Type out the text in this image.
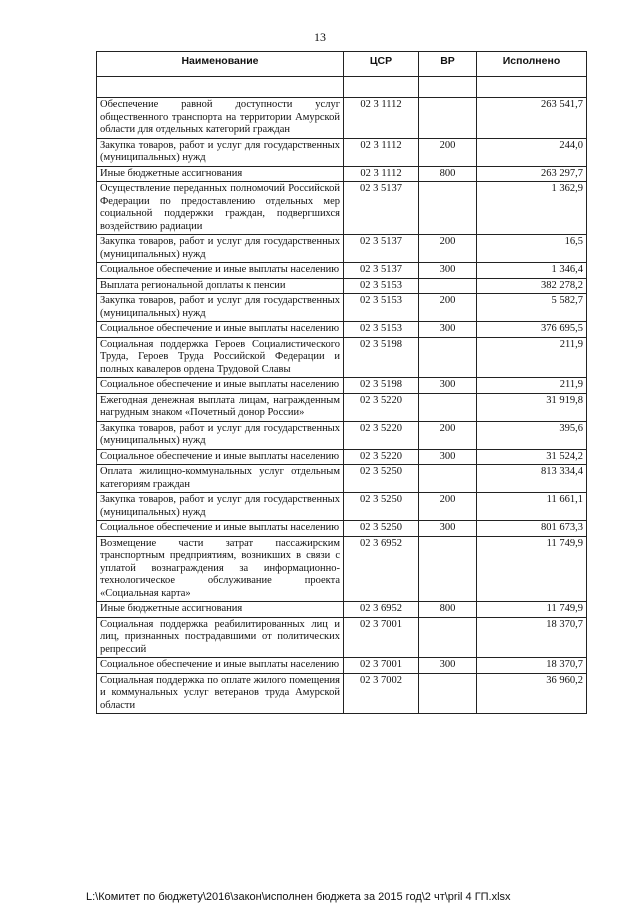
13
Наименование	ЦСР	ВР	Исполнено

Обеспечение равной доступности услуг общественного транспорта на территории Амурской области для отдельных категорий граждан	02 3 1112		263 541,7
Закупка товаров, работ и услуг для государственных (муниципальных) нужд	02 3 1112	200	244,0
Иные бюджетные ассигнования	02 3 1112	800	263 297,7
Осуществление переданных полномочий Российской Федерации по предоставлению отдельных мер социальной поддержки граждан, подвергшихся воздействию радиации	02 3 5137		1 362,9
Закупка товаров, работ и услуг для государственных (муниципальных) нужд	02 3 5137	200	16,5
Социальное обеспечение и иные выплаты населению	02 3 5137	300	1 346,4
Выплата региональной доплаты к пенсии	02 3 5153		382 278,2
Закупка товаров, работ и услуг для государственных (муниципальных) нужд	02 3 5153	200	5 582,7
Социальное обеспечение и иные выплаты населению	02 3 5153	300	376 695,5
Социальная поддержка Героев Социалистического Труда, Героев Труда Российской Федерации и полных кавалеров ордена Трудовой Славы	02 3 5198		211,9
Социальное обеспечение и иные выплаты населению	02 3 5198	300	211,9
Ежегодная денежная выплата лицам, награжденным нагрудным знаком «Почетный донор России»	02 3 5220		31 919,8
Закупка товаров, работ и услуг для государственных (муниципальных) нужд	02 3 5220	200	395,6
Социальное обеспечение и иные выплаты населению	02 3 5220	300	31 524,2
Оплата жилищно-коммунальных услуг отдельным категориям граждан	02 3 5250		813 334,4
Закупка товаров, работ и услуг для государственных (муниципальных) нужд	02 3 5250	200	11 661,1
Социальное обеспечение и иные выплаты населению	02 3 5250	300	801 673,3
Возмещение части затрат пассажирским транспортным предприятиям, возникших в связи с уплатой вознаграждения за информационно-технологическое обслуживание проекта «Социальная карта»	02 3 6952		11 749,9
Иные бюджетные ассигнования	02 3 6952	800	11 749,9
Социальная поддержка реабилитированных лиц и лиц, признанных пострадавшими от политических репрессий	02 3 7001		18 370,7
Социальное обеспечение и иные выплаты населению	02 3 7001	300	18 370,7
Социальная поддержка по оплате жилого помещения и коммунальных услуг ветеранов труда Амурской области	02 3 7002		36 960,2
L:\Комитет по бюджету\2016\закон\исполнен бюджета за 2015 год\2 чт\pril 4 ГП.xlsx
